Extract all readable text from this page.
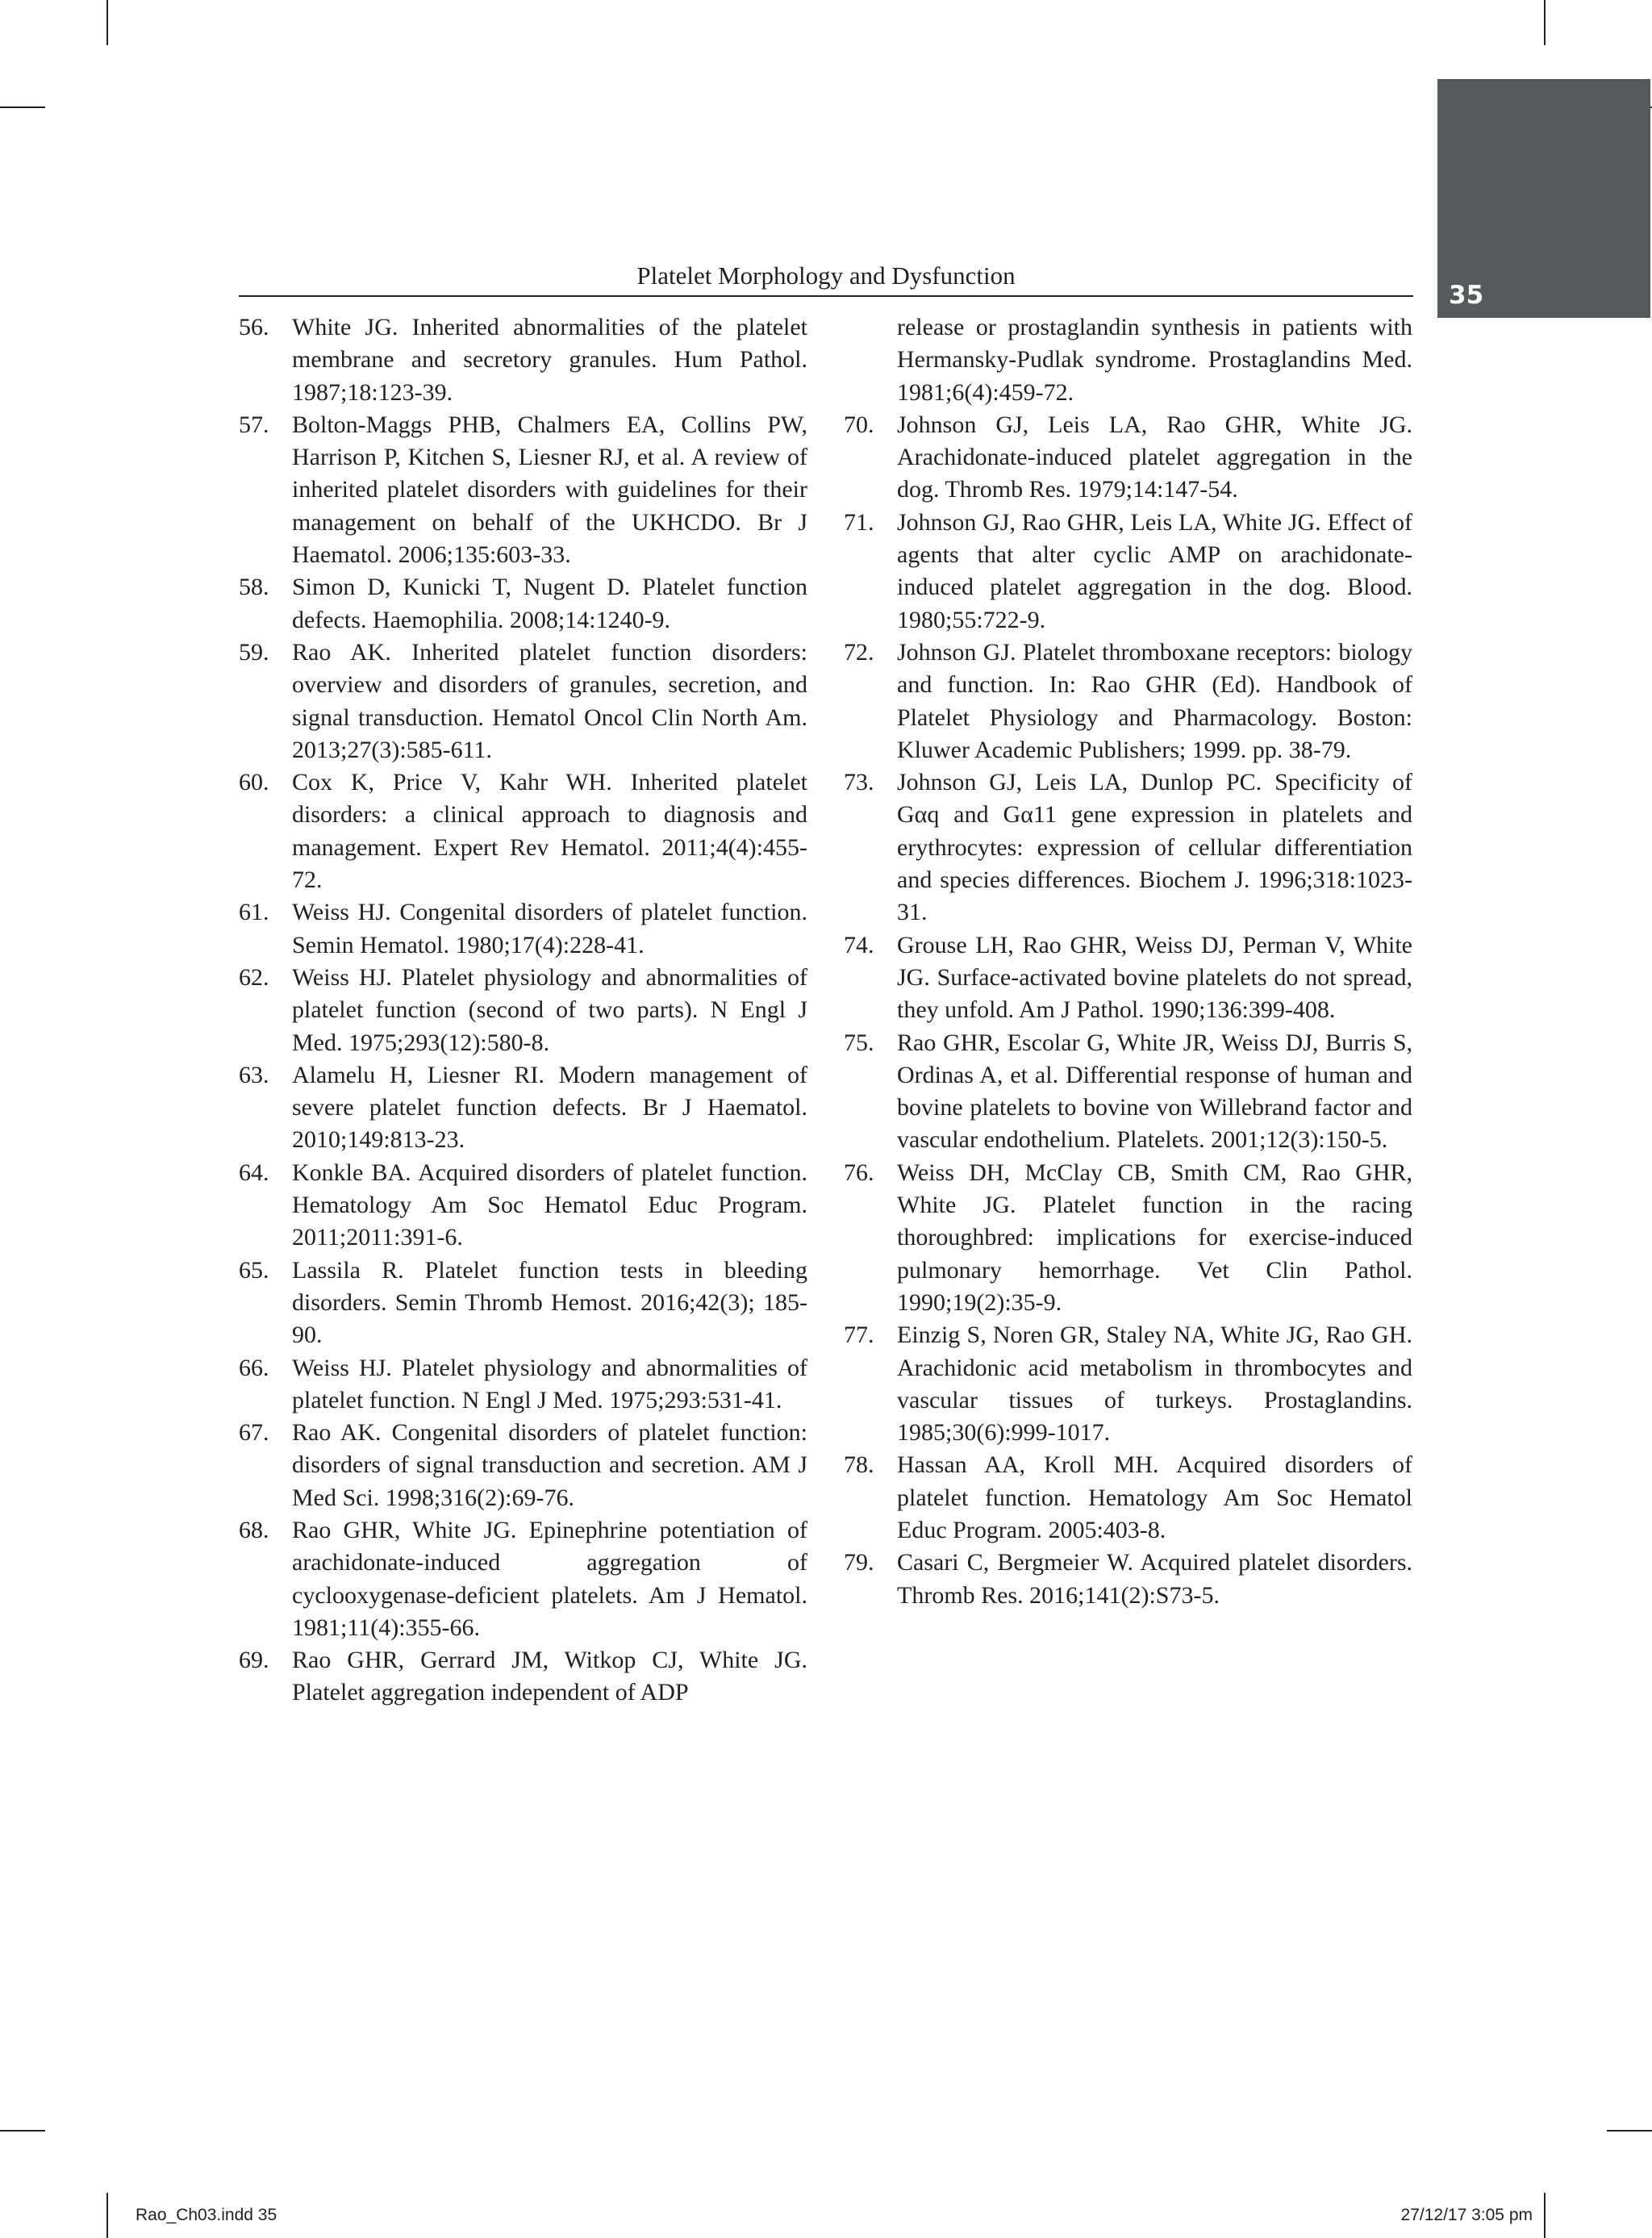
35
Platelet Morphology and Dysfunction
56. White JG. Inherited abnormalities of the platelet membrane and secretory granules. Hum Pathol. 1987;18:123-39.
57. Bolton-Maggs PHB, Chalmers EA, Collins PW, Harrison P, Kitchen S, Liesner RJ, et al. A review of inherited platelet disorders with guidelines for their management on behalf of the UKHCDO. Br J Haematol. 2006;135:603-33.
58. Simon D, Kunicki T, Nugent D. Platelet function defects. Haemophilia. 2008;14:1240-9.
59. Rao AK. Inherited platelet function disorders: overview and disorders of granules, secretion, and signal transduction. Hematol Oncol Clin North Am. 2013;27(3):585-611.
60. Cox K, Price V, Kahr WH. Inherited platelet disorders: a clinical approach to diagnosis and management. Expert Rev Hematol. 2011;4(4):455-72.
61. Weiss HJ. Congenital disorders of platelet function. Semin Hematol. 1980;17(4):228-41.
62. Weiss HJ. Platelet physiology and abnormalities of platelet function (second of two parts). N Engl J Med. 1975;293(12):580-8.
63. Alamelu H, Liesner RI. Modern management of severe platelet function defects. Br J Haematol. 2010;149:813-23.
64. Konkle BA. Acquired disorders of platelet function. Hematology Am Soc Hematol Educ Program. 2011;2011:391-6.
65. Lassila R. Platelet function tests in bleeding disorders. Semin Thromb Hemost. 2016;42(3); 185-90.
66. Weiss HJ. Platelet physiology and abnormalities of platelet function. N Engl J Med. 1975;293:531-41.
67. Rao AK. Congenital disorders of platelet function: disorders of signal transduction and secretion. AM J Med Sci. 1998;316(2):69-76.
68. Rao GHR, White JG. Epinephrine potentiation of arachidonate-induced aggregation of cyclooxygenase-deficient platelets. Am J Hematol. 1981;11(4):355-66.
69. Rao GHR, Gerrard JM, Witkop CJ, White JG. Platelet aggregation independent of ADP
release or prostaglandin synthesis in patients with Hermansky-Pudlak syndrome. Prostaglandins Med. 1981;6(4):459-72.
70. Johnson GJ, Leis LA, Rao GHR, White JG. Arachidonate-induced platelet aggregation in the dog. Thromb Res. 1979;14:147-54.
71. Johnson GJ, Rao GHR, Leis LA, White JG. Effect of agents that alter cyclic AMP on arachidonate-induced platelet aggregation in the dog. Blood. 1980;55:722-9.
72. Johnson GJ. Platelet thromboxane receptors: biology and function. In: Rao GHR (Ed). Handbook of Platelet Physiology and Pharmacology. Boston: Kluwer Academic Publishers; 1999. pp. 38-79.
73. Johnson GJ, Leis LA, Dunlop PC. Specificity of Gαq and Gα11 gene expression in platelets and erythrocytes: expression of cellular differentiation and species differences. Biochem J. 1996;318:1023-31.
74. Grouse LH, Rao GHR, Weiss DJ, Perman V, White JG. Surface-activated bovine platelets do not spread, they unfold. Am J Pathol. 1990;136:399-408.
75. Rao GHR, Escolar G, White JR, Weiss DJ, Burris S, Ordinas A, et al. Differential response of human and bovine platelets to bovine von Willebrand factor and vascular endothelium. Platelets. 2001;12(3):150-5.
76. Weiss DH, McClay CB, Smith CM, Rao GHR, White JG. Platelet function in the racing thoroughbred: implications for exercise-induced pulmonary hemorrhage. Vet Clin Pathol. 1990;19(2):35-9.
77. Einzig S, Noren GR, Staley NA, White JG, Rao GH. Arachidonic acid metabolism in thrombocytes and vascular tissues of turkeys. Prostaglandins. 1985;30(6):999-1017.
78. Hassan AA, Kroll MH. Acquired disorders of platelet function. Hematology Am Soc Hematol Educ Program. 2005:403-8.
79. Casari C, Bergmeier W. Acquired platelet disorders. Thromb Res. 2016;141(2):S73-5.
Rao_Ch03.indd 35	27/12/17 3:05 pm
